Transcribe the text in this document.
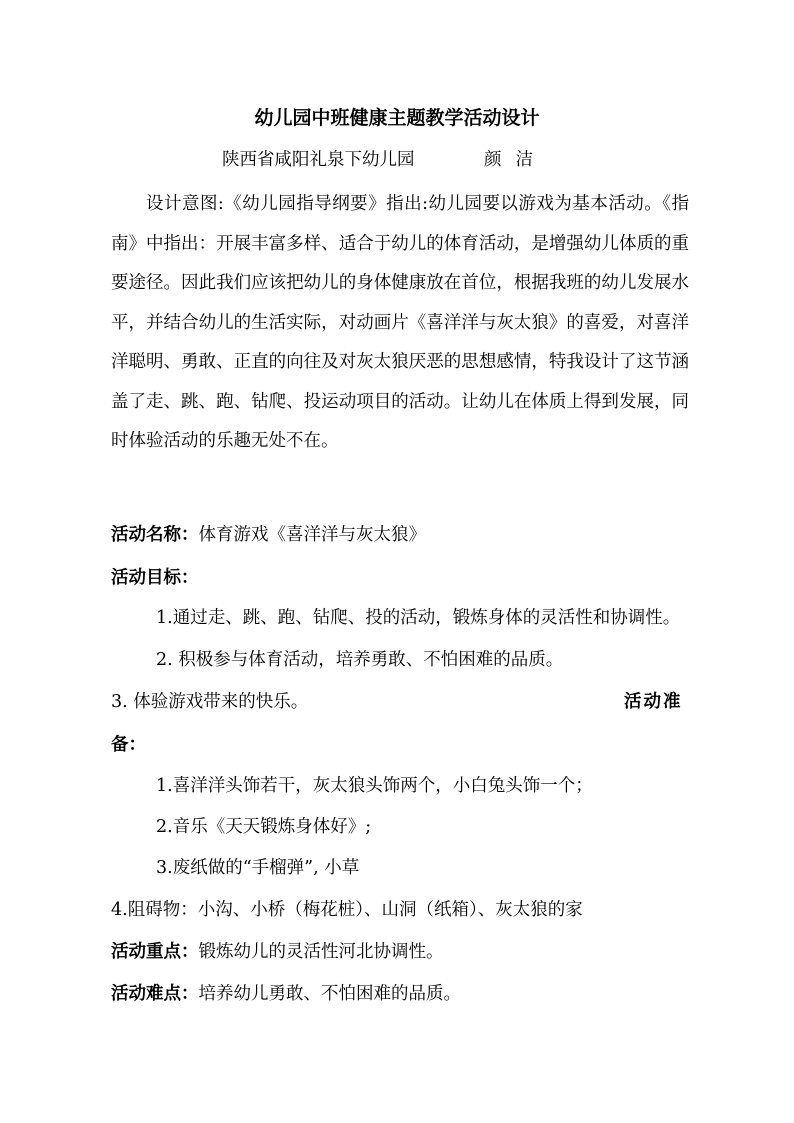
幼儿园中班健康主题教学活动设计
陕西省咸阳礼泉下幼儿园	颜洁
设计意图:《幼儿园指导纲要》指出:幼儿园要以游戏为基本活动。《指南》中指出：开展丰富多样、适合于幼儿的体育活动，是增强幼儿体质的重要途径。因此我们应该把幼儿的身体健康放在首位，根据我班的幼儿发展水平，并结合幼儿的生活实际，对动画片《喜洋洋与灰太狼》的喜爱，对喜洋洋聪明、勇敢、正直的向往及对灰太狼厌恶的思想感情，特我设计了这节涵盖了走、跳、跑、钻爬、投运动项目的活动。让幼儿在体质上得到发展，同时体验活动的乐趣无处不在。
活动名称：体育游戏《喜洋洋与灰太狼》
活动目标：
1.通过走、跳、跑、钻爬、投的活动，锻炼身体的灵活性和协调性。
2. 积极参与体育活动，培养勇敢、不怕困难的品质。
3. 体验游戏带来的快乐。	活动准
备：
1.喜洋洋头饰若干，灰太狼头饰两个，小白兔头饰一个；
2.音乐《天天锻炼身体好》;
3.废纸做的“手榴弹”, 小草
4.阻碍物：小沟、小桥（梅花桩）、山洞（纸箱）、灰太狼的家
活动重点：锻炼幼儿的灵活性河北协调性。
活动难点：培养幼儿勇敢、不怕困难的品质。
